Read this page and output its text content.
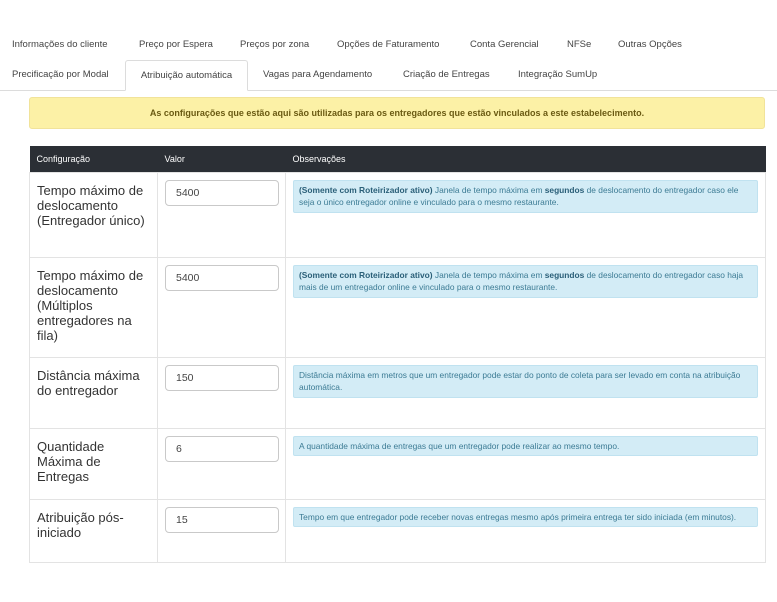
Informações do cliente	Preço por Espera	Preços por zona	Opções de Faturamento	Conta Gerencial	NFSe	Outras Opções
Precificação por Modal	Atribuição automática	Vagas para Agendamento	Criação de Entregas	Integração SumUp
As configurações que estão aqui são utilizadas para os entregadores que estão vinculados a este estabelecimento.
Configuração	Valor	Observações
Tempo máximo de deslocamento (Entregador único)	5400	(Somente com Roteirizador ativo) Janela de tempo máxima em segundos de deslocamento do entregador caso ele seja o único entregador online e vinculado para o mesmo restaurante.

Tempo máximo de deslocamento (Múltiplos entregadores na fila)	5400	(Somente com Roteirizador ativo) Janela de tempo máxima em segundos de deslocamento do entregador caso haja mais de um entregador online e vinculado para o mesmo restaurante.

Distância máxima do entregador	150	Distância máxima em metros que um entregador pode estar do ponto de coleta para ser levado em conta na atribuição automática.

Quantidade Máxima de Entregas	6	A quantidade máxima de entregas que um entregador pode realizar ao mesmo tempo.

Atribuição pós-iniciado	15	Tempo em que entregador pode receber novas entregas mesmo após primeira entrega ter sido iniciada (em minutos).
